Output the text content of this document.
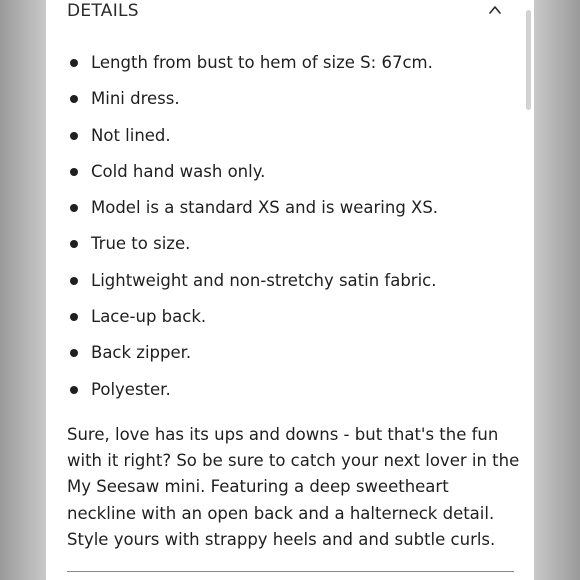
DETAILS
Length from bust to hem of size S: 67cm.
Mini dress.
Not lined.
Cold hand wash only.
Model is a standard XS and is wearing XS.
True to size.
Lightweight and non-stretchy satin fabric.
Lace-up back.
Back zipper.
Polyester.

Sure, love has its ups and downs - but that's the fun with it right? So be sure to catch your next lover in the My Seesaw mini. Featuring a deep sweetheart neckline with an open back and a halterneck detail. Style yours with strappy heels and and subtle curls.
